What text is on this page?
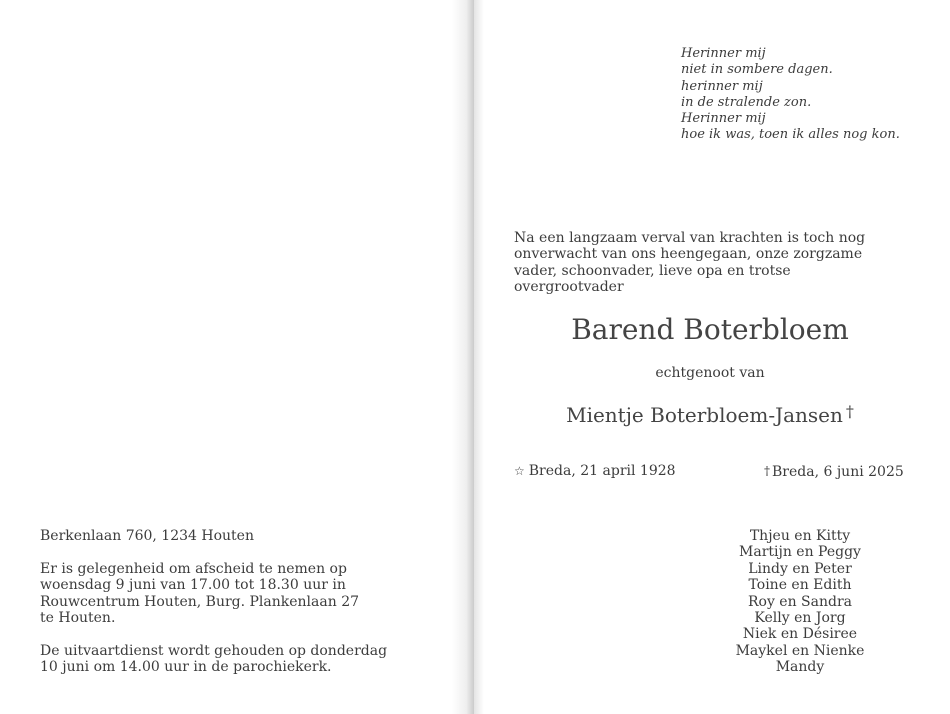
Herinner mij
niet in sombere dagen.
herinner mij
in de stralende zon.
Herinner mij
hoe ik was, toen ik alles nog kon.
Na een langzaam verval van krachten is toch nog
onverwacht van ons heengegaan, onze zorgzame
vader, schoonvader, lieve opa en trotse
overgrootvader
Barend Boterbloem
echtgenoot van
Mientje Boterbloem-Jansen †
☆ Breda, 21 april 1928	† Breda, 6 juni 2025
Thjeu en Kitty
Martijn en Peggy
Lindy en Peter
Toine en Edith
Roy en Sandra
Kelly en Jorg
Niek en Désiree
Maykel en Nienke
Mandy
Berkenlaan 760, 1234 Houten
Er is gelegenheid om afscheid te nemen op
woensdag 9 juni van 17.00 tot 18.30 uur in
Rouwcentrum Houten, Burg. Plankenlaan 27
te Houten.
De uitvaartdienst wordt gehouden op donderdag
10 juni om 14.00 uur in de parochiekerk.
